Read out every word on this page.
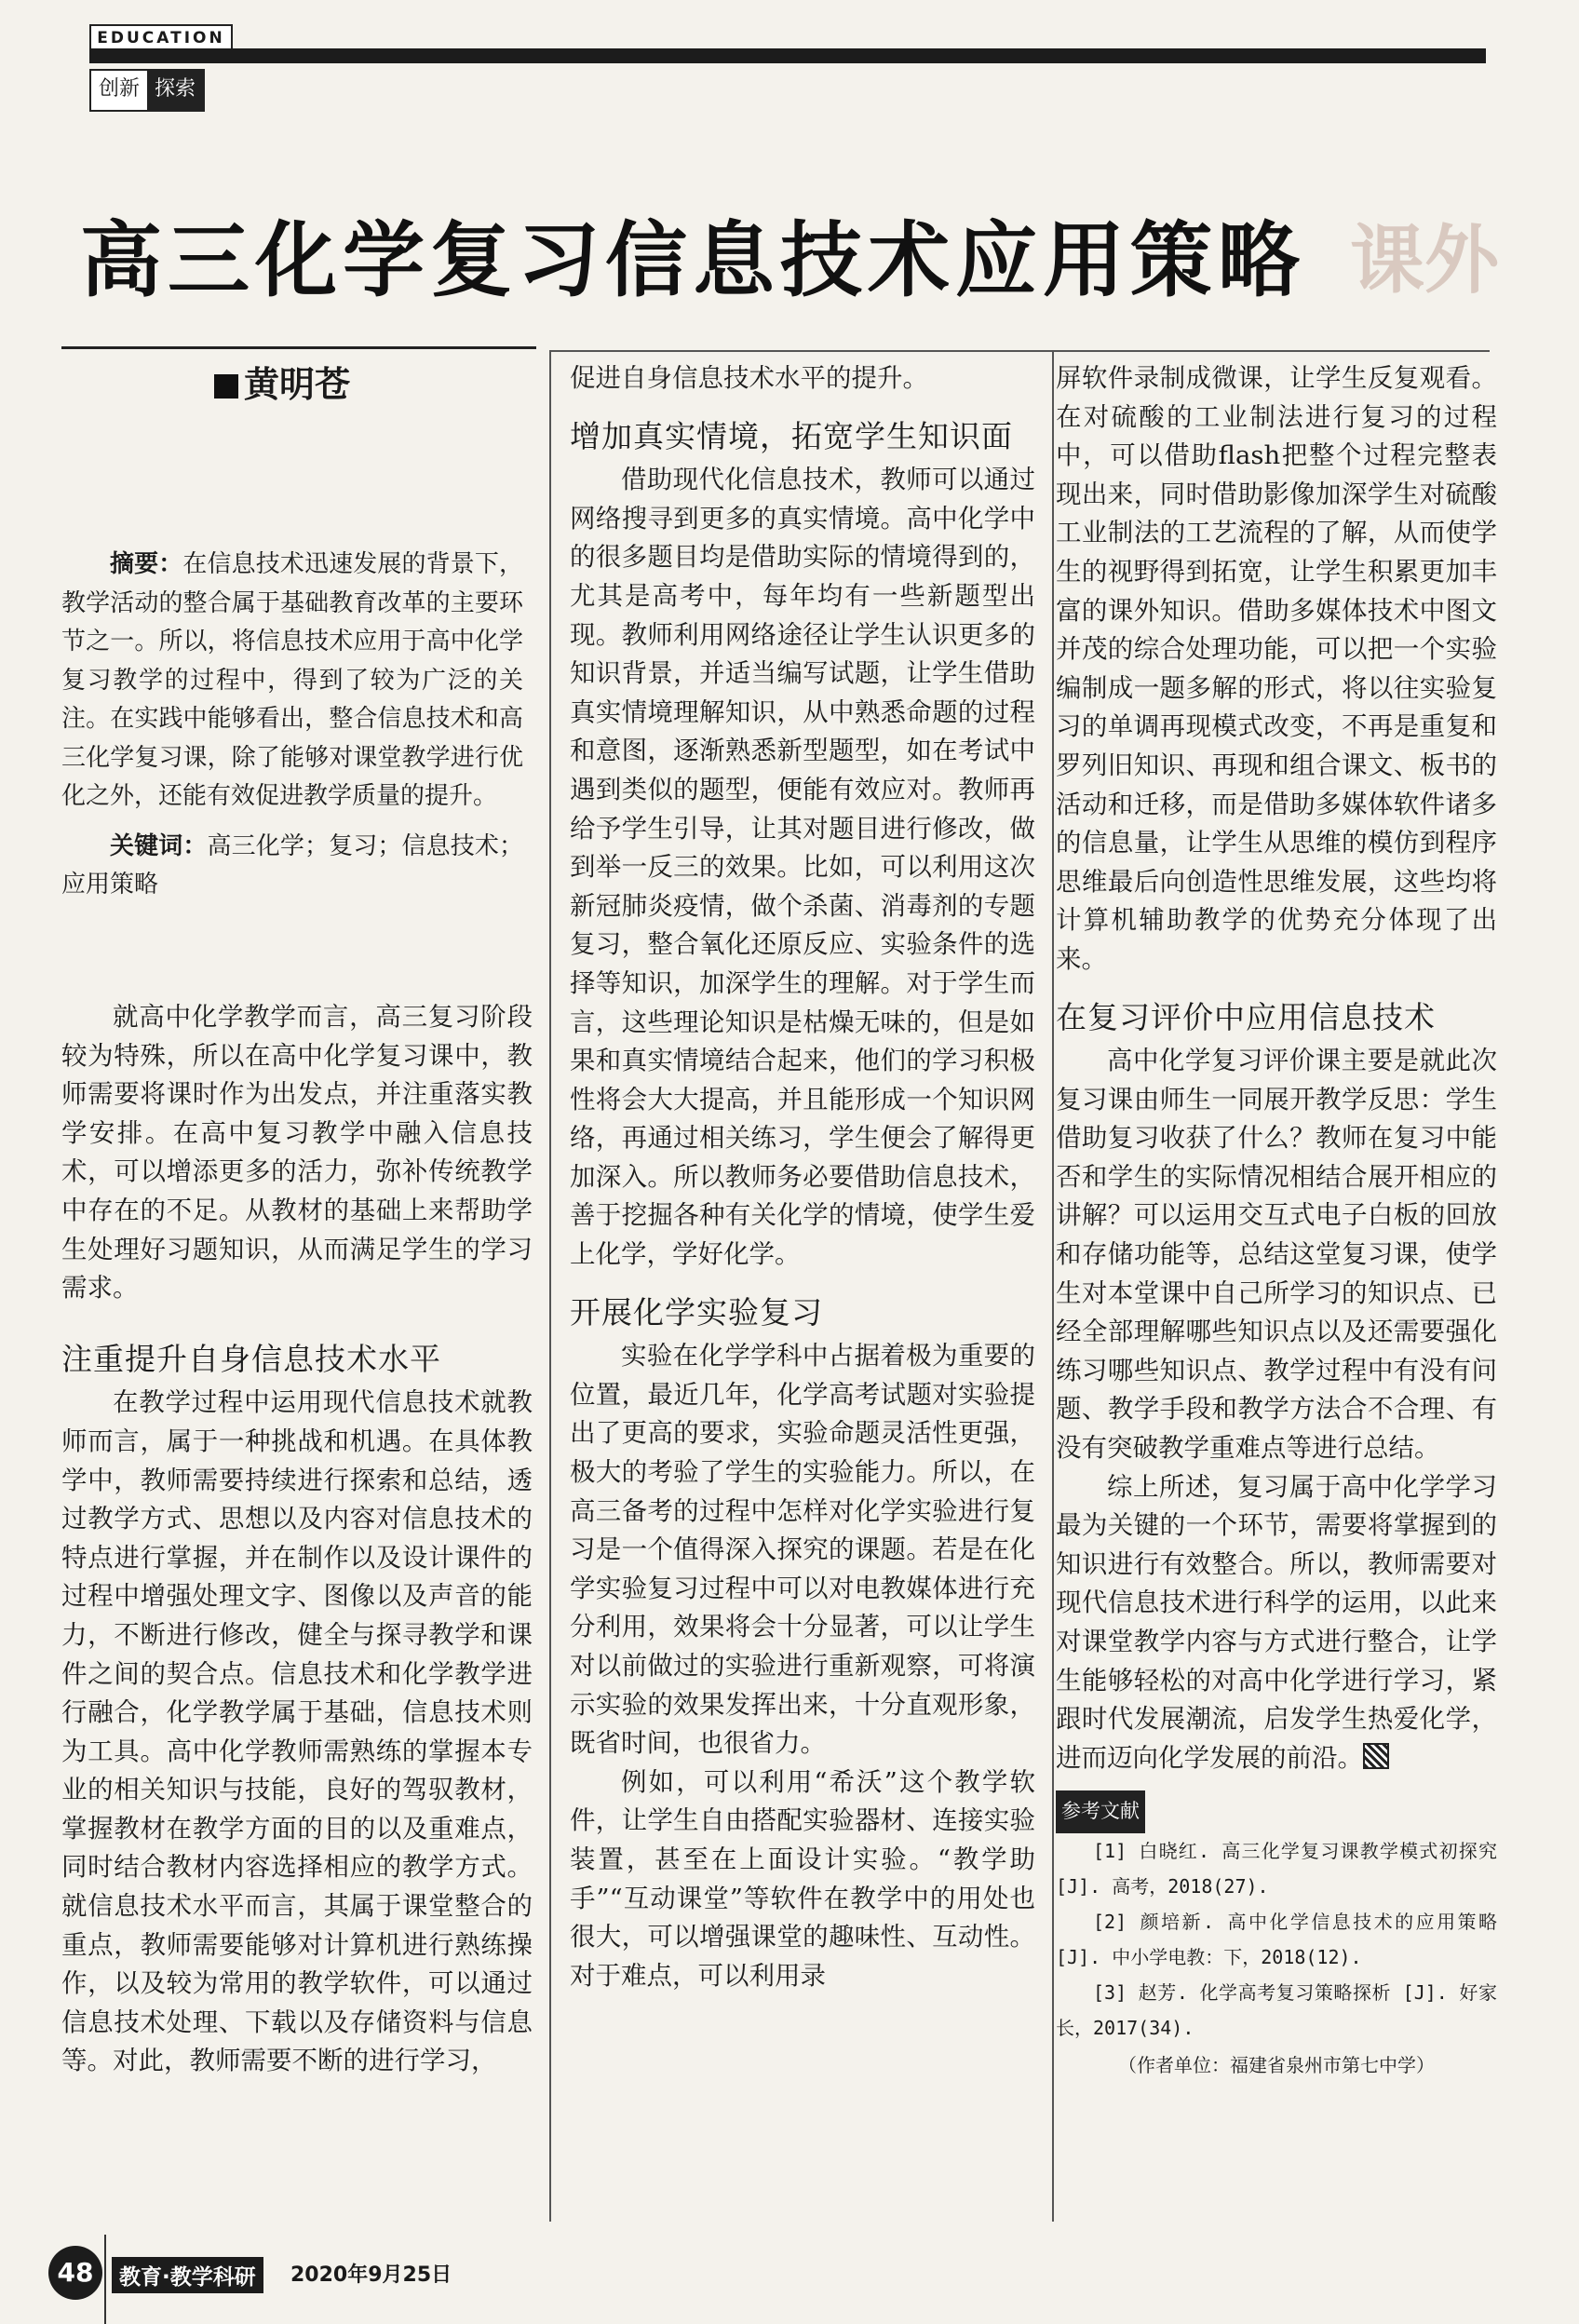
EDUCATION
创新 探索
课外
高三化学复习信息技术应用策略
黄明苍

摘要：在信息技术迅速发展的背景下，教学活动的整合属于基础教育改革的主要环节之一。所以，将信息技术应用于高中化学复习教学的过程中，得到了较为广泛的关注。在实践中能够看出，整合信息技术和高三化学复习课，除了能够对课堂教学进行优化之外，还能有效促进教学质量的提升。

关键词：高三化学；复习；信息技术；应用策略

就高中化学教学而言，高三复习阶段较为特殊，所以在高中化学复习课中，教师需要将课时作为出发点，并注重落实教学安排。在高中复习教学中融入信息技术，可以增添更多的活力，弥补传统教学中存在的不足。从教材的基础上来帮助学生处理好习题知识，从而满足学生的学习需求。

注重提升自身信息技术水平

在教学过程中运用现代信息技术就教师而言，属于一种挑战和机遇。在具体教学中，教师需要持续进行探索和总结，透过教学方式、思想以及内容对信息技术的特点进行掌握，并在制作以及设计课件的过程中增强处理文字、图像以及声音的能力，不断进行修改，健全与探寻教学和课件之间的契合点。信息技术和化学教学进行融合，化学教学属于基础，信息技术则为工具。高中化学教师需熟练的掌握本专业的相关知识与技能，良好的驾驭教材，掌握教材在教学方面的目的以及重难点，同时结合教材内容选择相应的教学方式。就信息技术水平而言，其属于课堂整合的重点，教师需要能够对计算机进行熟练操作，以及较为常用的教学软件，可以通过信息技术处理、下载以及存储资料与信息等。对此，教师需要不断的进行学习，

促进自身信息技术水平的提升。

增加真实情境，拓宽学生知识面

借助现代化信息技术，教师可以通过网络搜寻到更多的真实情境。高中化学中的很多题目均是借助实际的情境得到的，尤其是高考中，每年均有一些新题型出现。教师利用网络途径让学生认识更多的知识背景，并适当编写试题，让学生借助真实情境理解知识，从中熟悉命题的过程和意图，逐渐熟悉新型题型，如在考试中遇到类似的题型，便能有效应对。教师再给予学生引导，让其对题目进行修改，做到举一反三的效果。比如，可以利用这次新冠肺炎疫情，做个杀菌、消毒剂的专题复习，整合氧化还原反应、实验条件的选择等知识，加深学生的理解。对于学生而言，这些理论知识是枯燥无味的，但是如果和真实情境结合起来，他们的学习积极性将会大大提高，并且能形成一个知识网络，再通过相关练习，学生便会了解得更加深入。所以教师务必要借助信息技术，善于挖掘各种有关化学的情境，使学生爱上化学，学好化学。

开展化学实验复习

实验在化学学科中占据着极为重要的位置，最近几年，化学高考试题对实验提出了更高的要求，实验命题灵活性更强，极大的考验了学生的实验能力。所以，在高三备考的过程中怎样对化学实验进行复习是一个值得深入探究的课题。若是在化学实验复习过程中可以对电教媒体进行充分利用，效果将会十分显著，可以让学生对以前做过的实验进行重新观察，可将演示实验的效果发挥出来，十分直观形象，既省时间，也很省力。

例如，可以利用“希沃”这个教学软件，让学生自由搭配实验器材、连接实验装置，甚至在上面设计实验。“教学助手”“互动课堂”等软件在教学中的用处也很大，可以增强课堂的趣味性、互动性。对于难点，可以利用录

屏软件录制成微课，让学生反复观看。在对硫酸的工业制法进行复习的过程中，可以借助flash把整个过程完整表现出来，同时借助影像加深学生对硫酸工业制法的工艺流程的了解，从而使学生的视野得到拓宽，让学生积累更加丰富的课外知识。借助多媒体技术中图文并茂的综合处理功能，可以把一个实验编制成一题多解的形式，将以往实验复习的单调再现模式改变，不再是重复和罗列旧知识、再现和组合课文、板书的活动和迁移，而是借助多媒体软件诸多的信息量，让学生从思维的模仿到程序思维最后向创造性思维发展，这些均将计算机辅助教学的优势充分体现了出来。

在复习评价中应用信息技术

高中化学复习评价课主要是就此次复习课由师生一同展开教学反思：学生借助复习收获了什么？教师在复习中能否和学生的实际情况相结合展开相应的讲解？可以运用交互式电子白板的回放和存储功能等，总结这堂复习课，使学生对本堂课中自己所学习的知识点、已经全部理解哪些知识点以及还需要强化练习哪些知识点、教学过程中有没有问题、教学手段和教学方法合不合理、有没有突破教学重难点等进行总结。

综上所述，复习属于高中化学学习最为关键的一个环节，需要将掌握到的知识进行有效整合。所以，教师需要对现代信息技术进行科学的运用，以此来对课堂教学内容与方式进行整合，让学生能够轻松的对高中化学进行学习，紧跟时代发展潮流，启发学生热爱化学，进而迈向化学发展的前沿。

参考文献

[1] 白晓红. 高三化学复习课教学模式初探究 [J]. 高考，2018(27).

[2] 颜培新. 高中化学信息技术的应用策略 [J]. 中小学电教：下，2018(12).

[3] 赵芳. 化学高考复习策略探析 [J]. 好家长，2017(34).

（作者单位：福建省泉州市第七中学）
48	教育·教学科研	2020年9月25日
